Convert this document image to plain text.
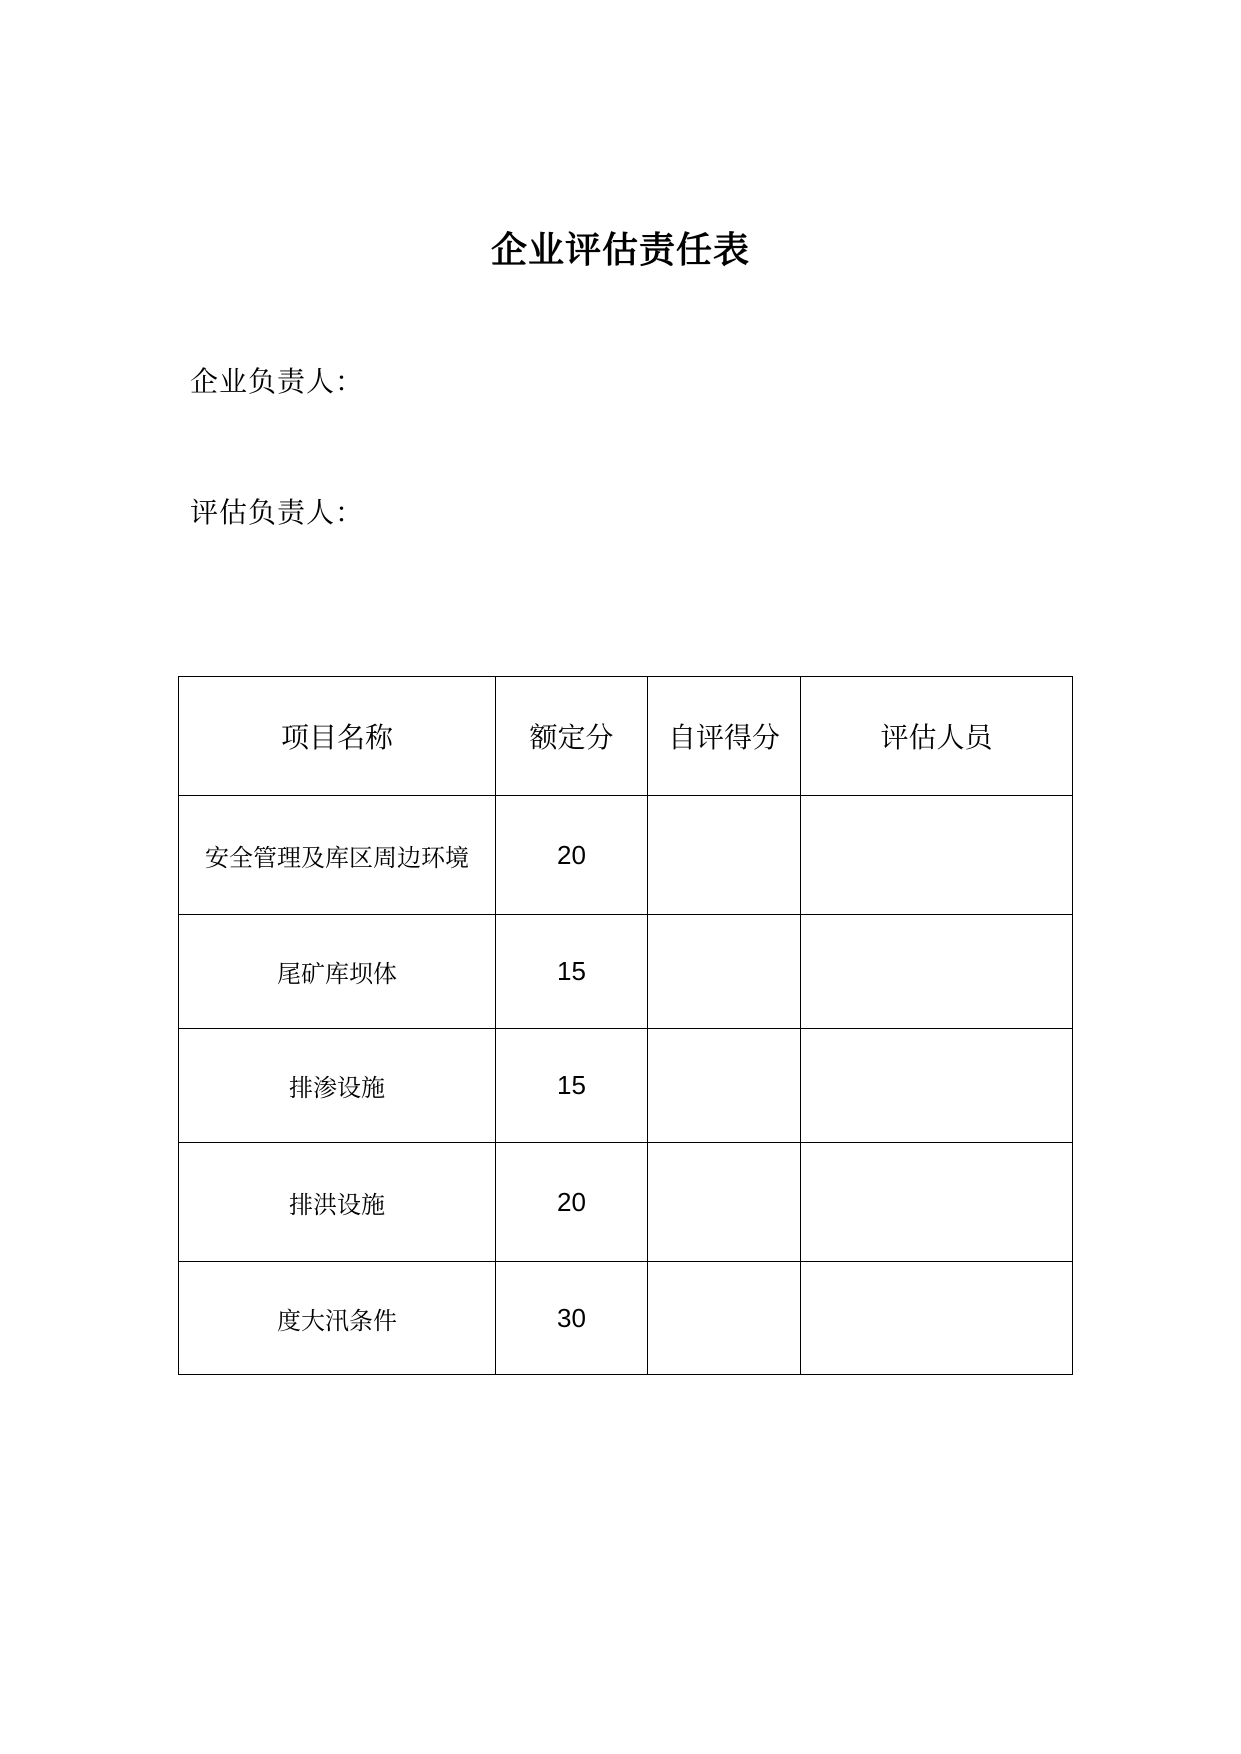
企业评估责任表
企业负责人：
评估负责人：
项目名称	额定分	自评得分	评估人员
安全管理及库区周边环境	20		
尾矿库坝体	15		
排渗设施	15		
排洪设施	20		
度大汛条件	30		
